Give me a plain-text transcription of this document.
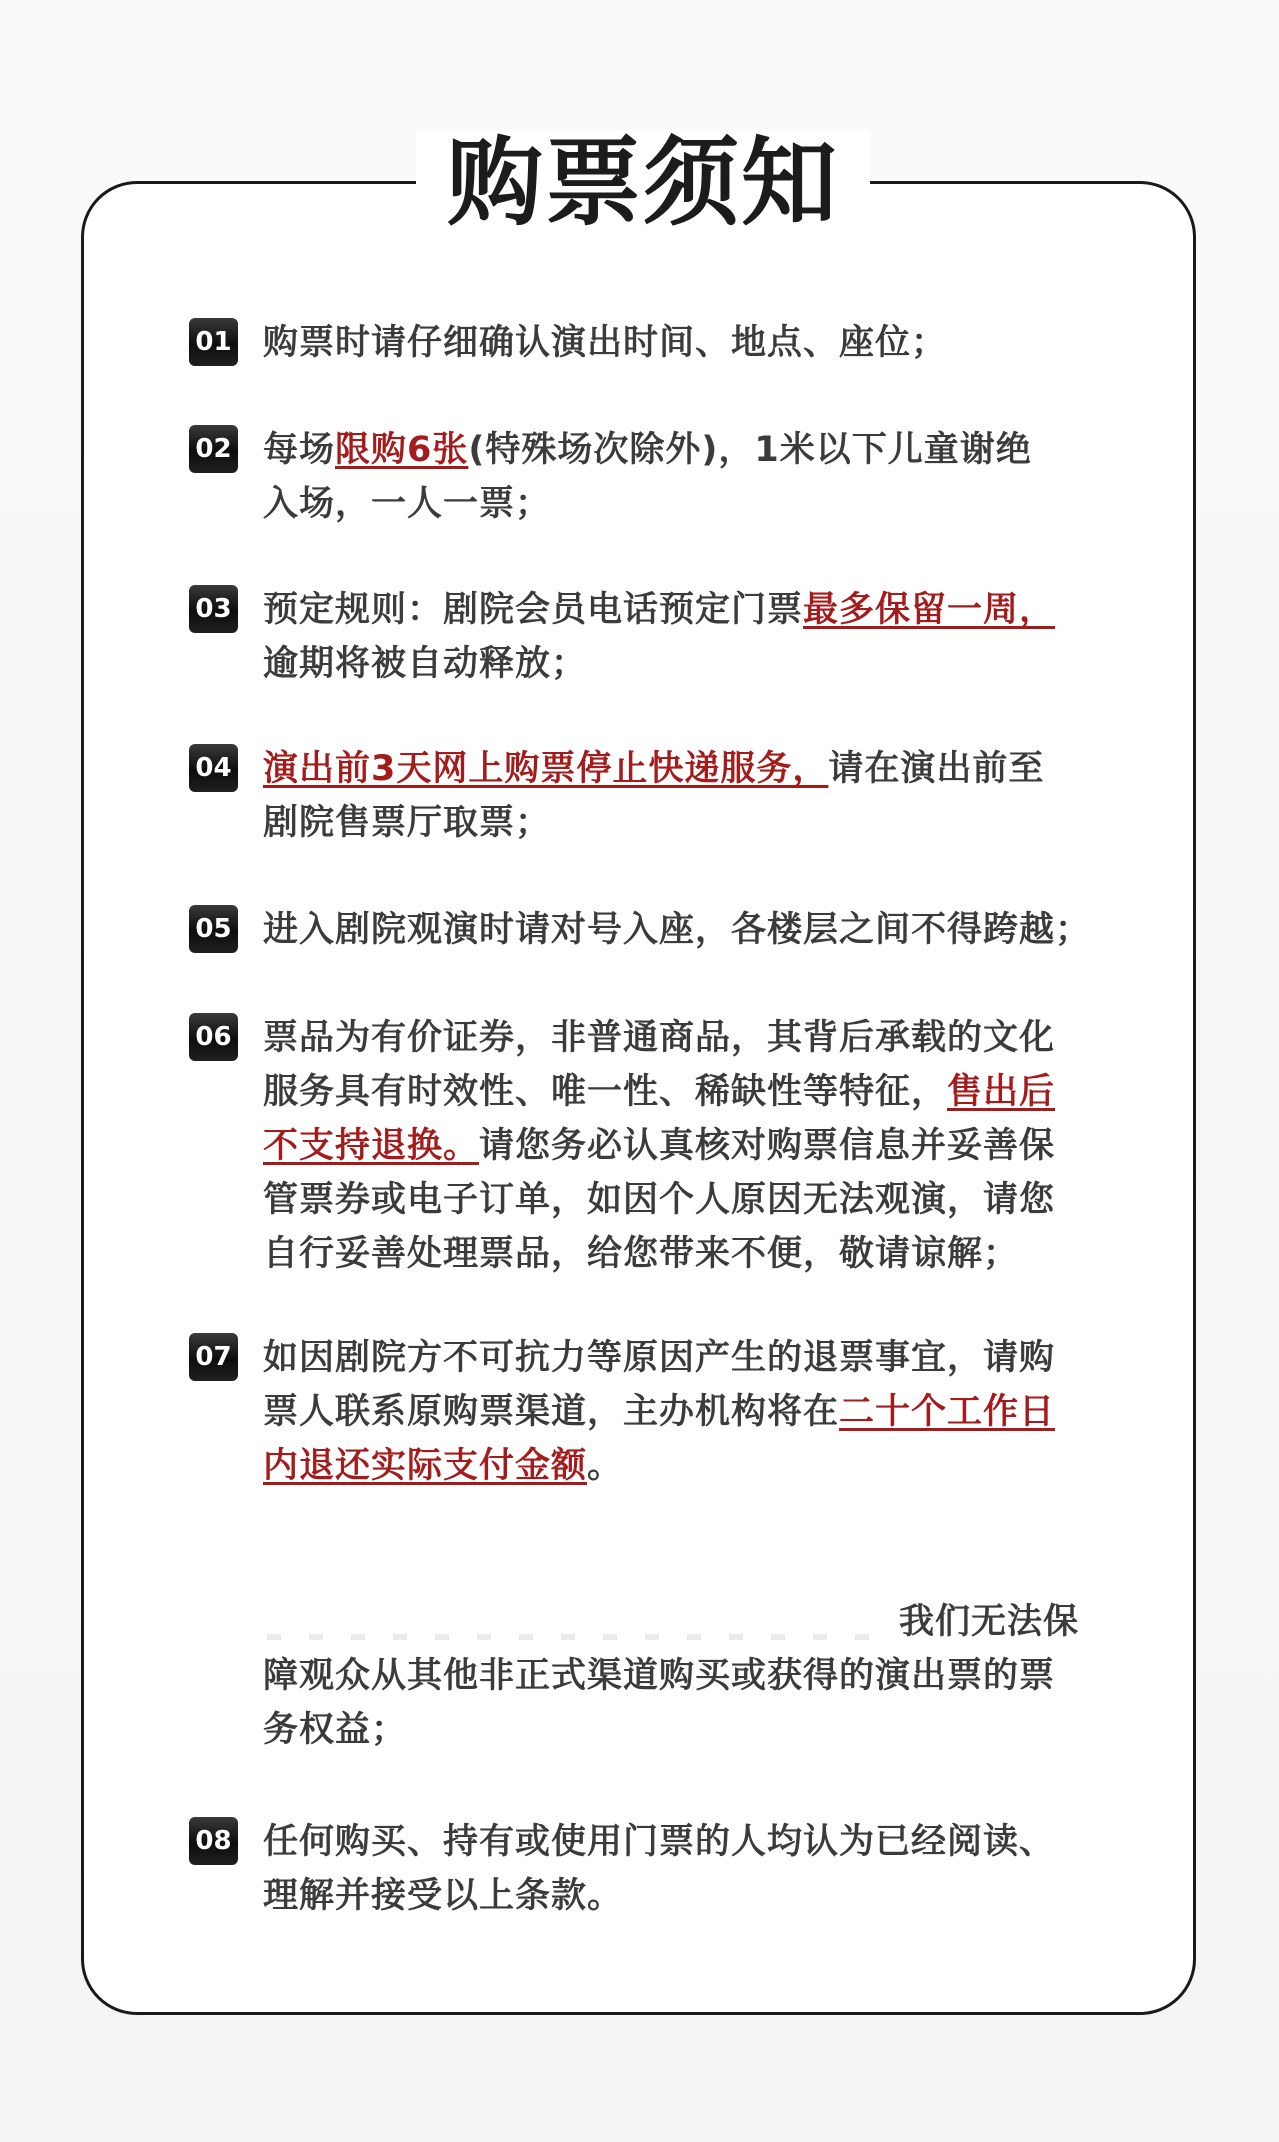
购票须知
01 购票时请仔细确认演出时间、地点、座位；
02 每场限购6张(特殊场次除外)，1米以下儿童谢绝
入场，一人一票；
03 预定规则：剧院会员电话预定门票最多保留一周，
逾期将被自动释放；
04 演出前3天网上购票停止快递服务，请在演出前至
剧院售票厅取票；
05 进入剧院观演时请对号入座，各楼层之间不得跨越；
06 票品为有价证券，非普通商品，其背后承载的文化
服务具有时效性、唯一性、稀缺性等特征，售出后
不支持退换。请您务必认真核对购票信息并妥善保
管票券或电子订单，如因个人原因无法观演，请您
自行妥善处理票品，给您带来不便，敬请谅解；
07 如因剧院方不可抗力等原因产生的退票事宜，请购
票人联系原购票渠道，主办机构将在二十个工作日
内退还实际支付金额。
我们无法保
障观众从其他非正式渠道购买或获得的演出票的票
务权益；
08 任何购买、持有或使用门票的人均认为已经阅读、
理解并接受以上条款。
